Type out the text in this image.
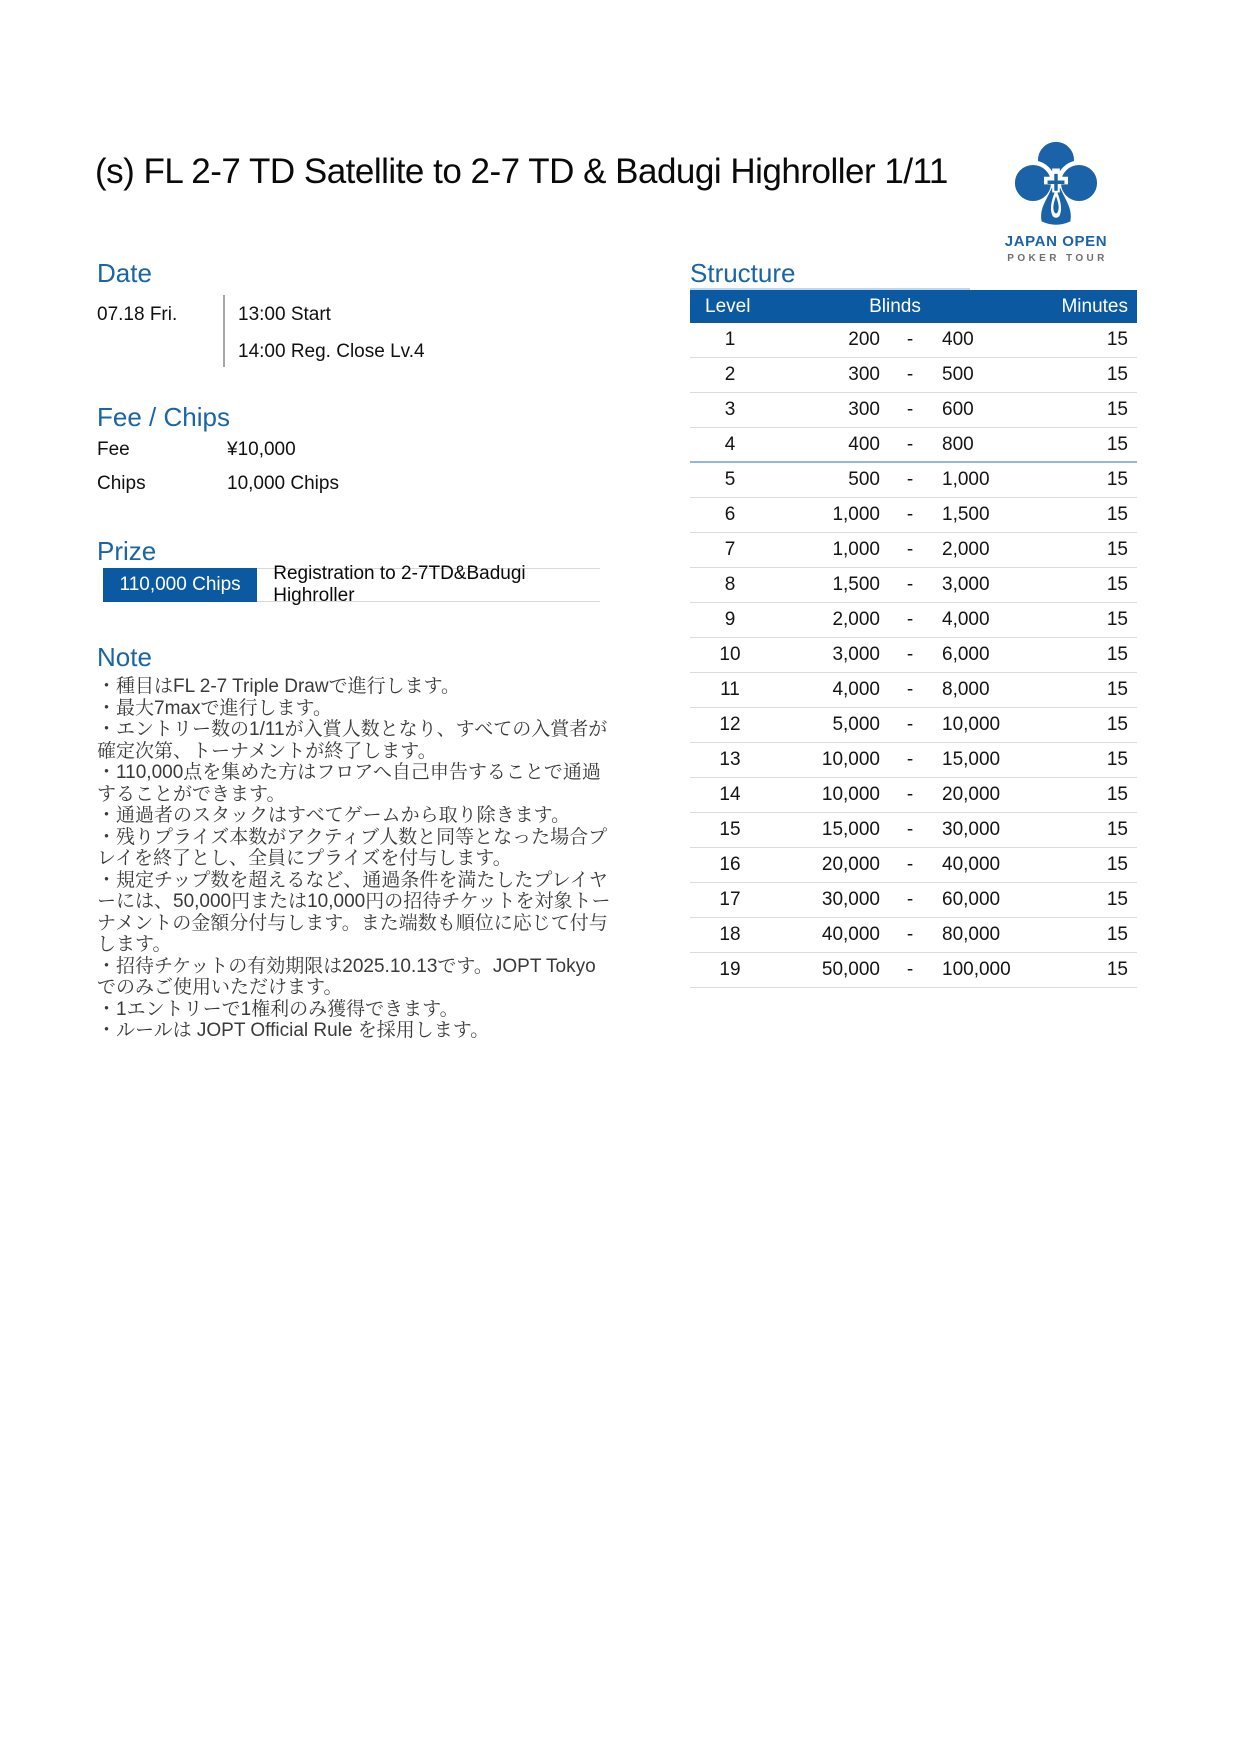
(s) FL 2-7 TD Satellite to 2-7 TD & Badugi Highroller 1/11
JAPAN OPEN
POKER TOUR
Date
07.18 Fri.	13:00 Start
14:00 Reg. Close Lv.4
Fee / Chips
Fee	¥10,000
Chips	10,000 Chips
Prize
110,000 Chips
Registration to 2-7TD&Badugi Highroller
Note
・種目はFL 2-7 Triple Drawで進行します。
・最大7maxで進行します。
・エントリー数の1/11が入賞人数となり、すべての入賞者が確定次第、トーナメントが終了します。
・110,000点を集めた方はフロアへ自己申告することで通過することができます。
・通過者のスタックはすべてゲームから取り除きます。
・残りプライズ本数がアクティブ人数と同等となった場合プレイを終了とし、全員にプライズを付与します。
・規定チップ数を超えるなど、通過条件を満たしたプレイヤーには、50,000円または10,000円の招待チケットを対象トーナメントの金額分付与します。また端数も順位に応じて付与します。
・招待チケットの有効期限は2025.10.13です。JOPT Tokyoでのみご使用いただけます。
・1エントリーで1権利のみ獲得できます。
・ルールは JOPT Official Rule を採用します。
Structure
Level	Blinds	Minutes
1	200	-	400	15
2	300	-	500	15
3	300	-	600	15
4	400	-	800	15
5	500	-	1,000	15
6	1,000	-	1,500	15
7	1,000	-	2,000	15
8	1,500	-	3,000	15
9	2,000	-	4,000	15
10	3,000	-	6,000	15
11	4,000	-	8,000	15
12	5,000	-	10,000	15
13	10,000	-	15,000	15
14	10,000	-	20,000	15
15	15,000	-	30,000	15
16	20,000	-	40,000	15
17	30,000	-	60,000	15
18	40,000	-	80,000	15
19	50,000	-	100,000	15
